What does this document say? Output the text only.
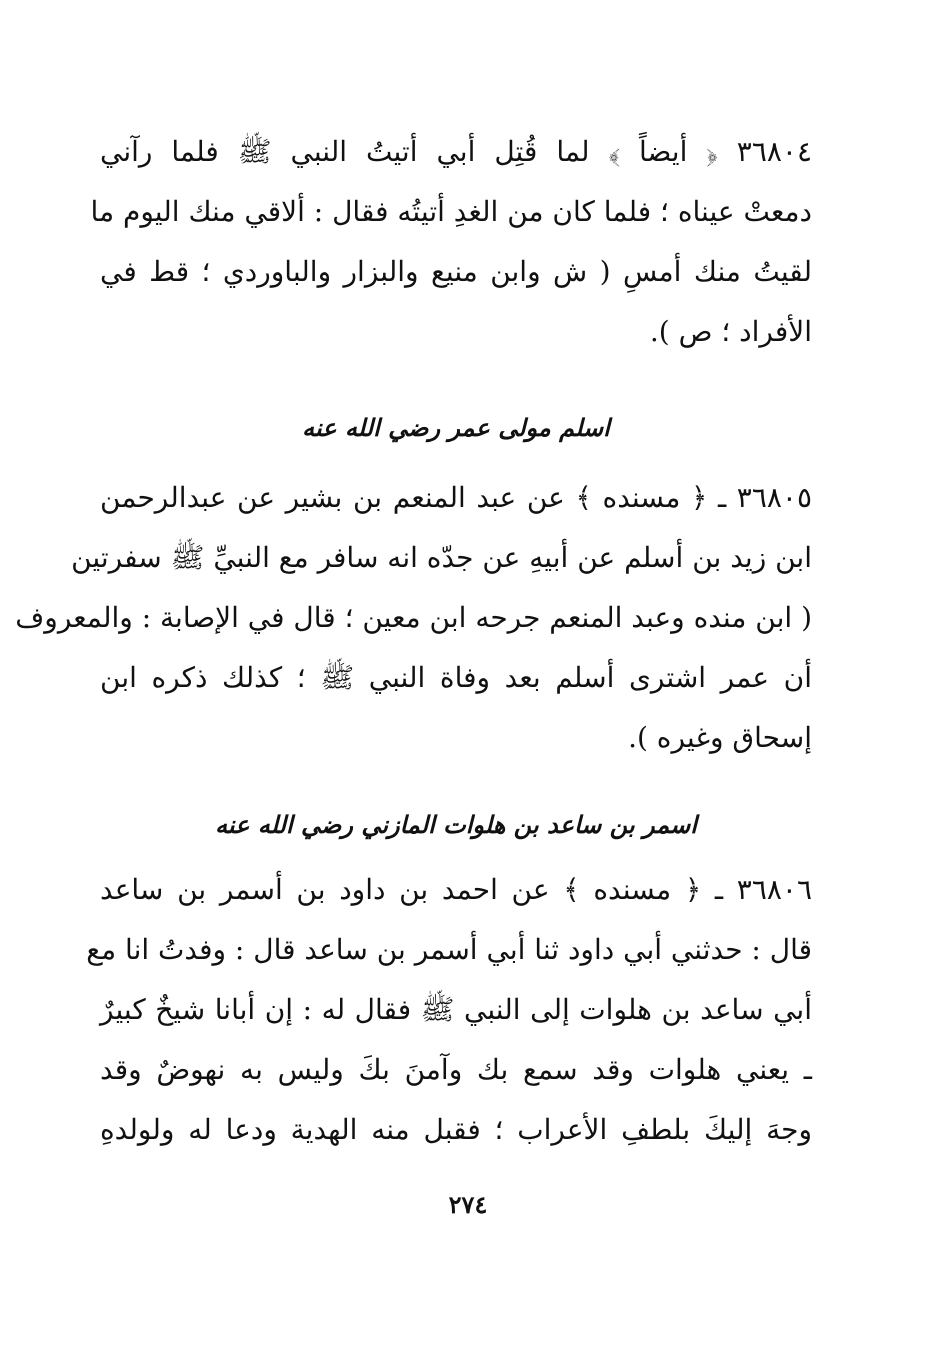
٣٦٨٠٤ ﴿ أيضاً ﴾ لما قُتِل أبي أتيتُ النبي ﷺ فلما رآني
دمعتْ عيناه ؛ فلما كان من الغدِ أتيتُه فقال : ألاقي منك اليوم ما
لقيتُ منك أمسِ ( ش وابن منيع والبزار والباوردي ؛ قط في
الأفراد ؛ ص ).
اسلم مولى عمر رضي الله عنه
٣٦٨٠٥ ـ ﴿ مسنده ﴾ عن عبد المنعم بن بشير عن عبدالرحمن
ابن زيد بن أسلم عن أبيهِ عن جدّه انه سافر مع النبيِّ ﷺ سفرتين
( ابن منده وعبد المنعم جرحه ابن معين ؛ قال في الإصابة : والمعروف
أن عمر اشترى أسلم بعد وفاة النبي ﷺ ؛ كذلك ذكره ابن
إسحاق وغيره ).
اسمر بن ساعد بن هلوات المازني رضي الله عنه
٣٦٨٠٦ ـ ﴿ مسنده ﴾ عن احمد بن داود بن أسمر بن ساعد
قال : حدثني أبي داود ثنا أبي أسمر بن ساعد قال : وفدتُ انا مع
أبي ساعد بن هلوات إلى النبي ﷺ فقال له : إن أبانا شيخٌ كبيرٌ
ـ يعني هلوات وقد سمع بك وآمنَ بكَ وليس به نهوضٌ وقد
وجهَ إليكَ بلطفِ الأعراب ؛ فقبل منه الهدية ودعا له ولولدهِ
٢٧٤
